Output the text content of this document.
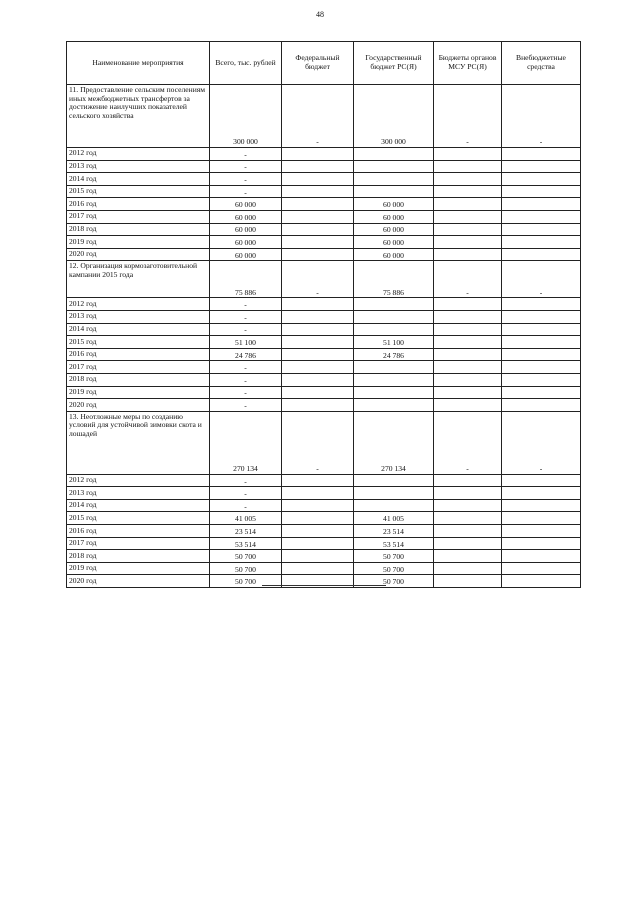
48
Наименование мероприятия	Всего, тыс. рублей	Федеральный бюджет	Государственный бюджет РС(Я)	Бюджеты органов МСУ РС(Я)	Внебюджетные средства
11. Предоставление сельским поселениям иных межбюджетных трансфертов за достижение наилучших показателей сельского хозяйства	300 000	-	300 000	-	-
2012 год	-				
2013 год	-				
2014 год	-				
2015 год	-				
2016 год	60 000		60 000		
2017 год	60 000		60 000		
2018 год	60 000		60 000		
2019 год	60 000		60 000		
2020 год	60 000		60 000		
12. Организация кормозаготовительной кампании 2015 года	75 886	-	75 886	-	-
2012 год	-				
2013 год	-				
2014 год	-				
2015 год	51 100		51 100		
2016 год	24 786		24 786		
2017 год	-				
2018 год	-				
2019 год	-				
2020 год	-				
13. Неотложные меры по созданию условий для устойчивой зимовки скота и лошадей	270 134	-	270 134	-	-
2012 год	-				
2013 год	-				
2014 год	-				
2015 год	41 005		41 005		
2016 год	23 514		23 514		
2017 год	53 514		53 514		
2018 год	50 700		50 700		
2019 год	50 700		50 700		
2020 год	50 700		50 700		
